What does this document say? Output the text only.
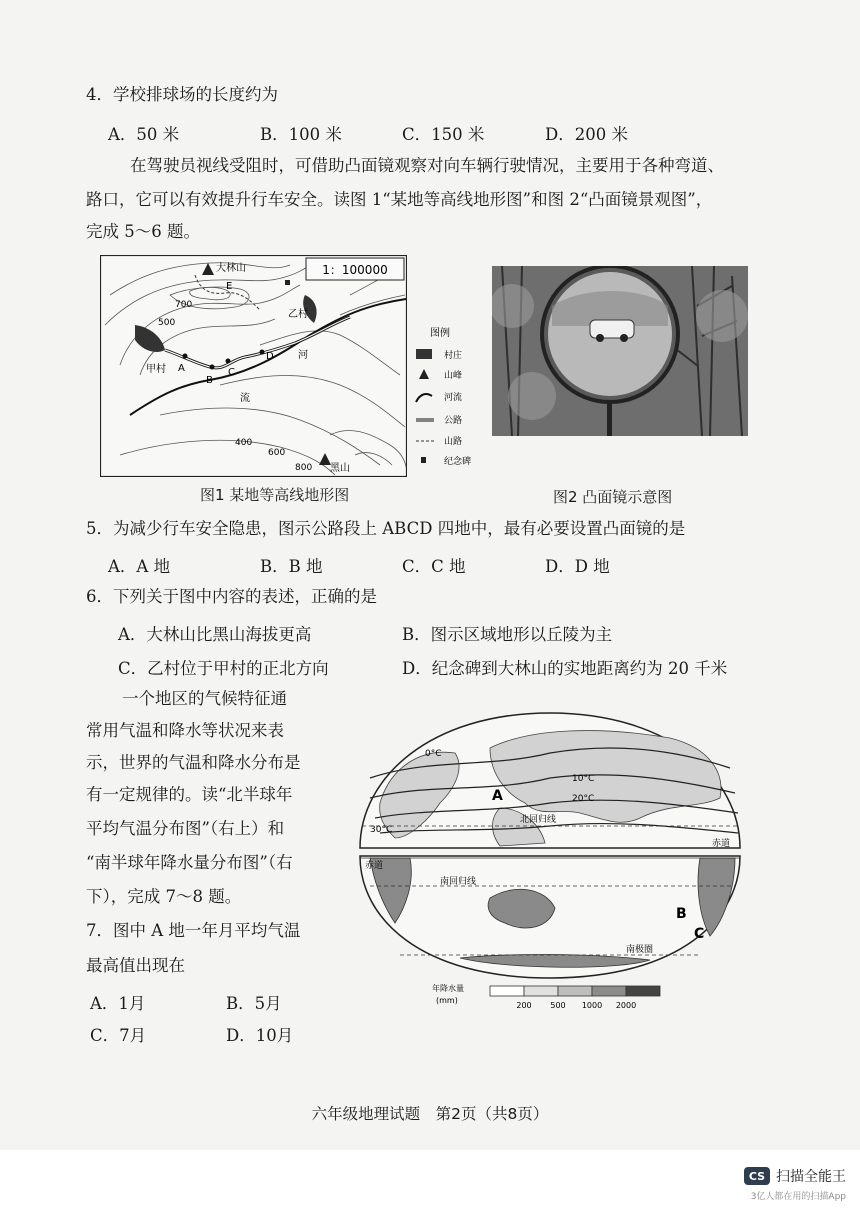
4．学校排球场的长度约为
A．50 米	B．100 米	C．150 米	D．200 米
在驾驶员视线受阻时，可借助凸面镜观察对向车辆行驶情况，主要用于各种弯道、
路口，它可以有效提升行车安全。读图 1“某地等高线地形图”和图 2“凸面镜景观图”，
完成 5～6 题。
1：100000
大林山
黑山
甲村
乙村
河
流
700
500
400
600
800
A
B
C
D
E
图例
村庄
山峰
河流
公路
山路
纪念碑
图1 某地等高线地形图	图2 凸面镜示意图
5．为减少行车安全隐患，图示公路段上 ABCD 四地中，最有必要设置凸面镜的是
A．A 地	B．B 地	C．C 地	D．D 地
6．下列关于图中内容的表述，正确的是
A．大林山比黑山海拔更高	B．图示区域地形以丘陵为主
C．乙村位于甲村的正北方向	D．纪念碑到大林山的实地距离约为 20 千米
一个地区的气候特征通
常用气温和降水等状况来表
示，世界的气温和降水分布是
有一定规律的。读“北半球年
平均气温分布图”（右上）和
“南半球年降水量分布图”（右
下），完成 7～8 题。
0°C
10°C
20°C
30°C
A
北回归线
赤道
赤道
南回归线
南极圈
B
C
年降水量
(mm)
200 500 1000 2000
7．图中 A 地一年月平均气温
最高值出现在
A．1月	B．5月
C．7月	D．10月
六年级地理试题　第2页（共8页）
CS 扫描全能王
3亿人都在用的扫描App
